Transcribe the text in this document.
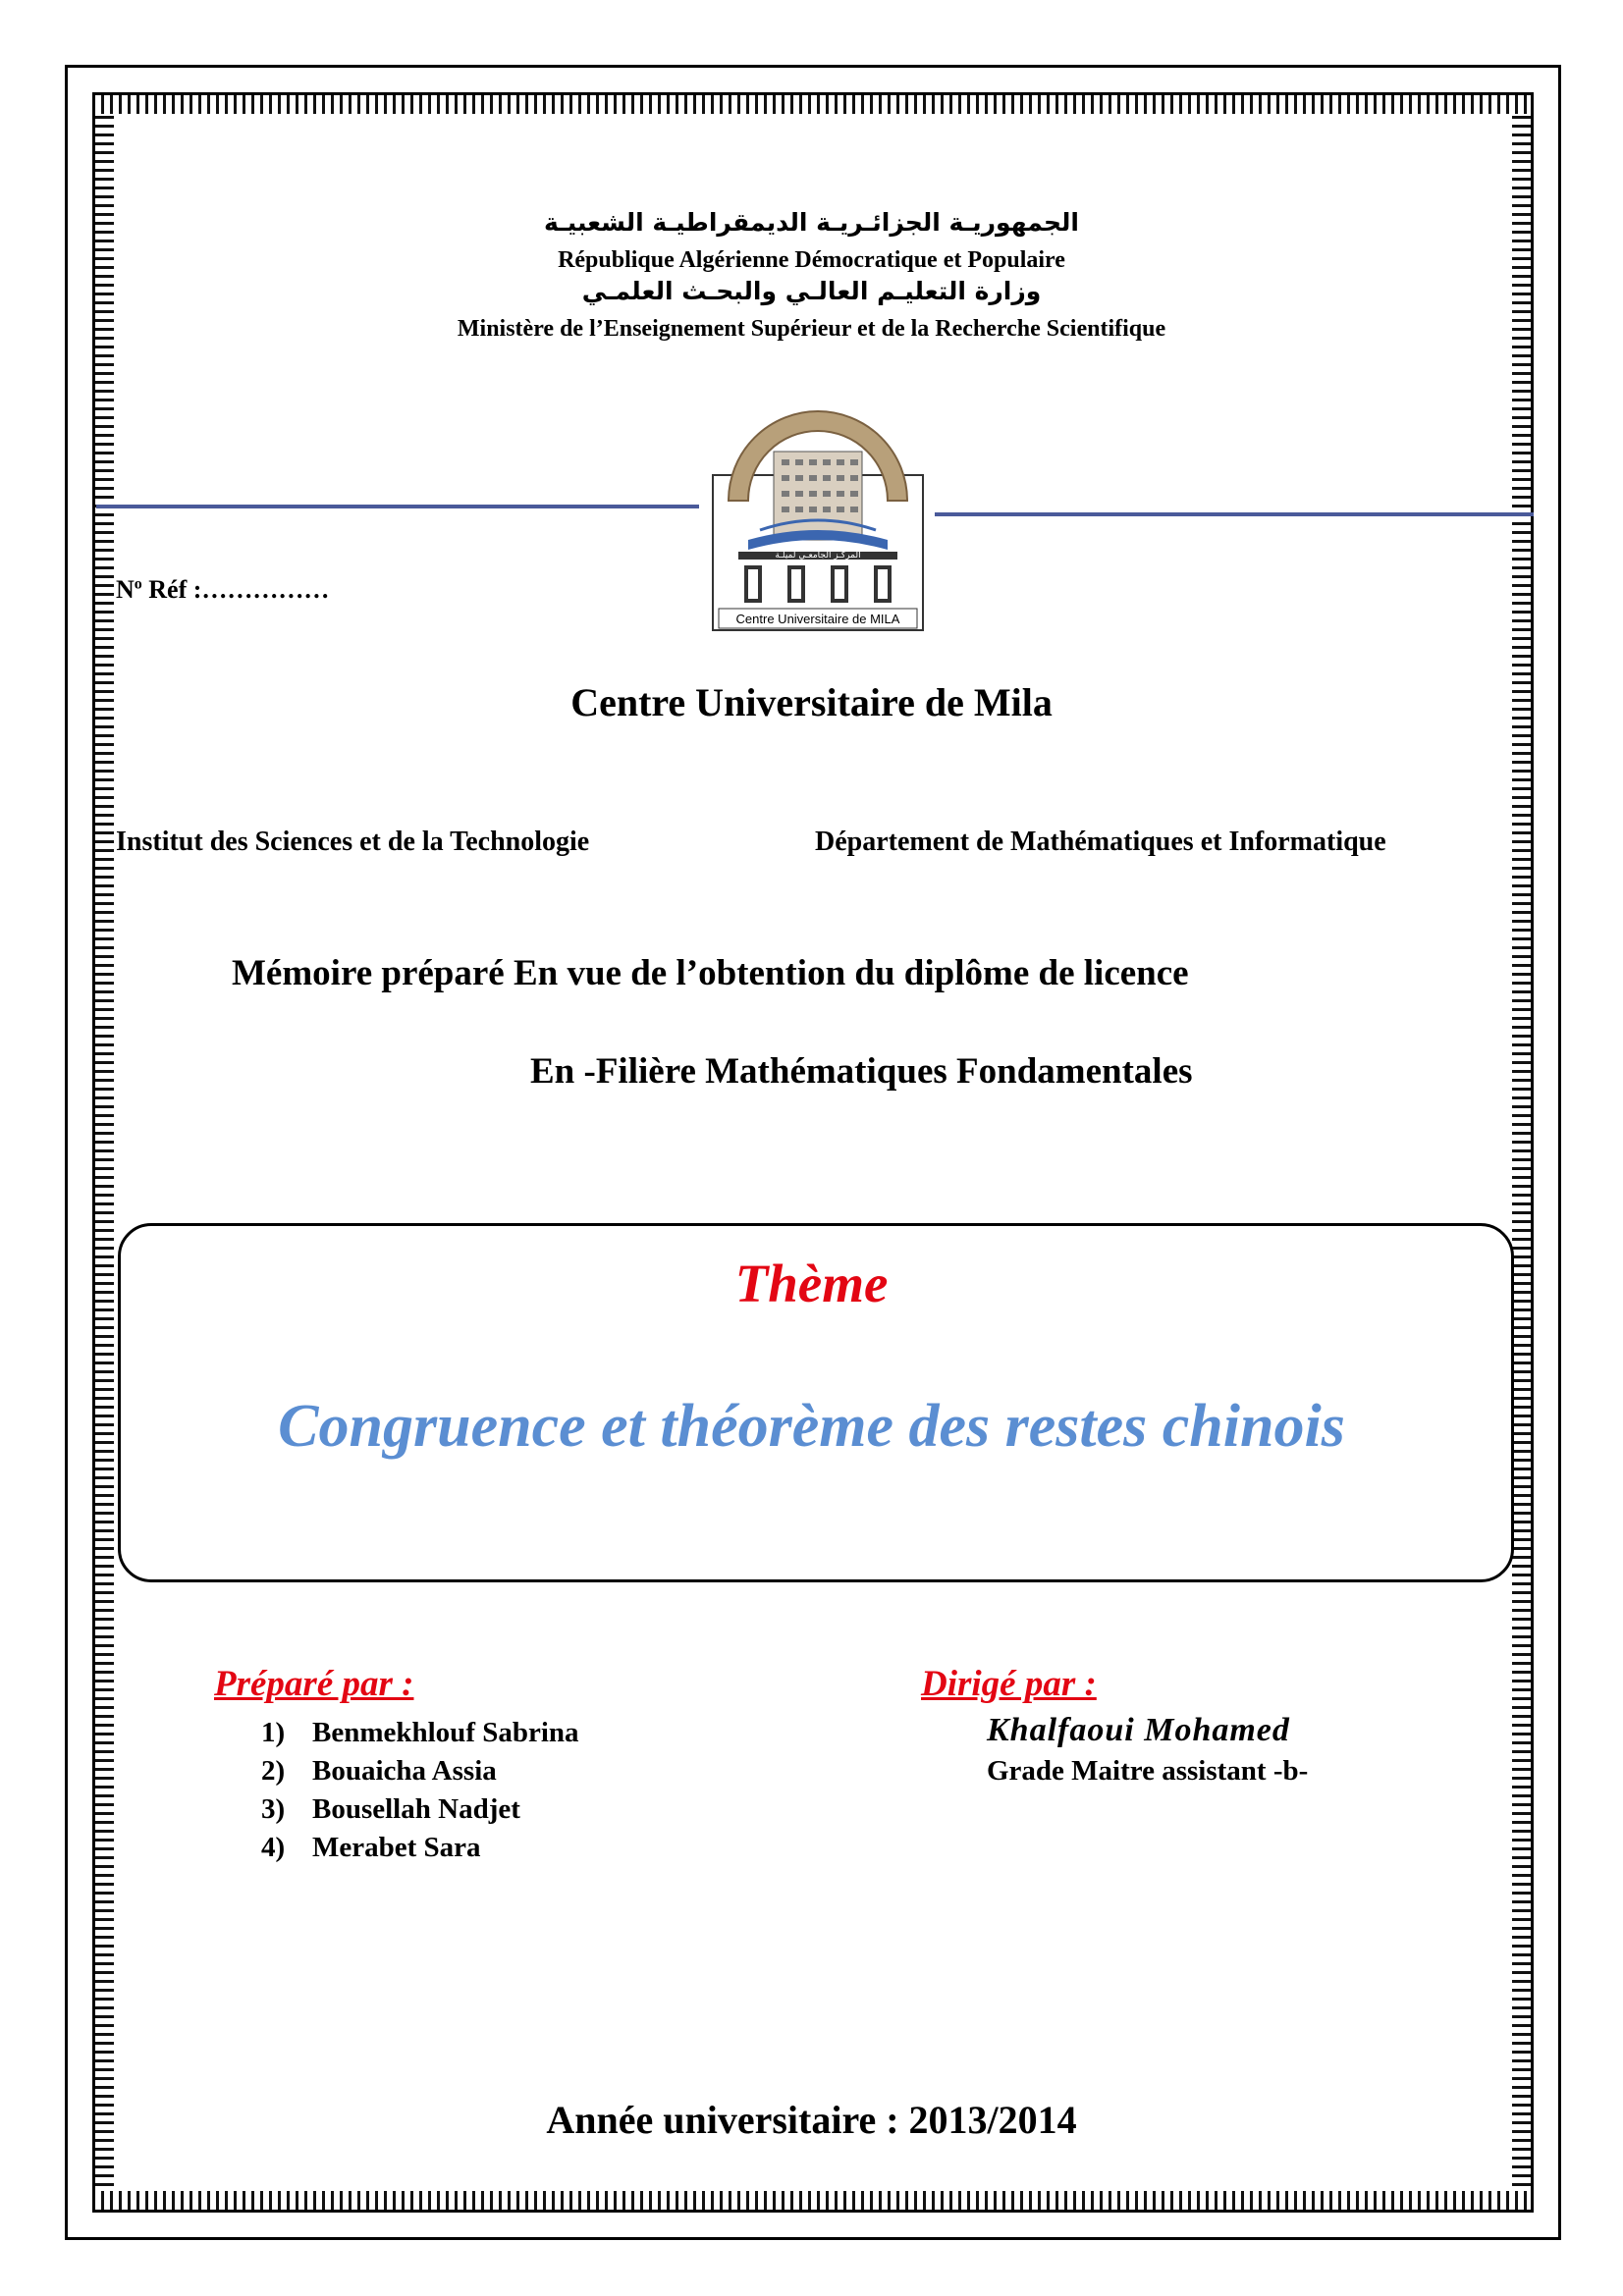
الجمهوريـة الجزائـريـة الديمقراطيـة الشعبيـة
République Algérienne Démocratique et Populaire
وزارة التعليـم العالـي والبحـث العلمـي
Ministère de l’Enseignement Supérieur et de la Recherche Scientifique
المركـز الجامعـي لميلـة
Centre Universitaire de MILA
$N^o$ Réf :……………
Centre Universitaire de Mila
Institut des Sciences et de la Technologie	Département de Mathématiques et Informatique
Mémoire préparé En vue de l’obtention du diplôme de licence
En -Filière Mathématiques Fondamentales
Thème
Congruence et théorème des restes chinois
Préparé par :
1) Benmekhlouf Sabrina
2) Bouaicha Assia
3) Bousellah Nadjet
4) Merabet Sara
Dirigé par :
Khalfaoui Mohamed
Grade Maitre assistant -b-
Année universitaire : 2013/2014
